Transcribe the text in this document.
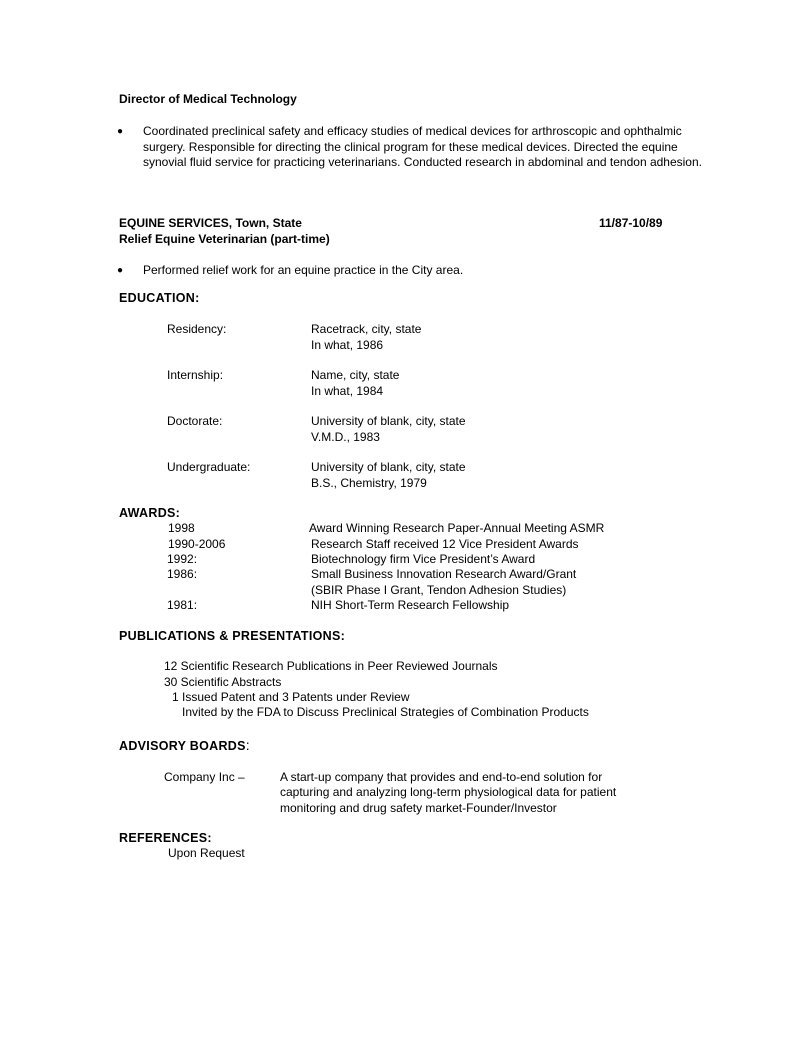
Director of Medical Technology
● Coordinated preclinical safety and efficacy studies of medical devices for arthroscopic and ophthalmic surgery. Responsible for directing the clinical program for these medical devices. Directed the equine synovial fluid service for practicing veterinarians. Conducted research in abdominal and tendon adhesion.
EQUINE SERVICES, Town, State	11/87-10/89
Relief Equine Veterinarian (part-time)
● Performed relief work for an equine practice in the City area.
EDUCATION:
Residency:	Racetrack, city, state
In what, 1986
Internship:	Name, city, state
In what, 1984
Doctorate:	University of blank, city, state
V.M.D., 1983
Undergraduate:	University of blank, city, state
B.S., Chemistry, 1979
AWARDS:
1998	Award Winning Research Paper-Annual Meeting ASMR
1990-2006	Research Staff received 12 Vice President Awards
1992:	Biotechnology firm Vice President’s Award
1986:	Small Business Innovation Research Award/Grant
(SBIR Phase I Grant, Tendon Adhesion Studies)
1981:	NIH Short-Term Research Fellowship
PUBLICATIONS & PRESENTATIONS:
12 Scientific Research Publications in Peer Reviewed Journals
30 Scientific Abstracts
1 Issued Patent and 3 Patents under Review
Invited by the FDA to Discuss Preclinical Strategies of Combination Products
ADVISORY BOARDS:
Company Inc –	A start-up company that provides and end-to-end solution for
capturing and analyzing long-term physiological data for patient
monitoring and drug safety market-Founder/Investor
REFERENCES:
Upon Request
